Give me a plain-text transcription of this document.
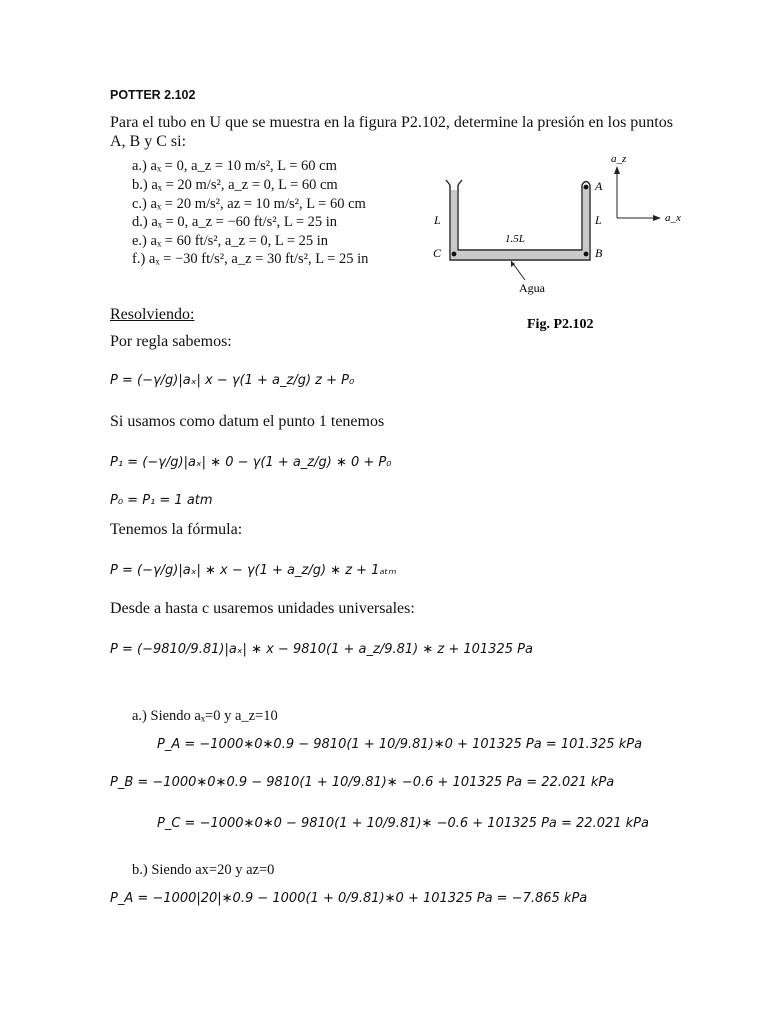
POTTER 2.102
Para el tubo en U que se muestra en la figura P2.102, determine la presión en los puntos
A, B y C si:
a.) aₓ = 0, a_z = 10 m/s², L = 60 cm
b.) aₓ = 20 m/s², a_z = 0, L = 60 cm
c.) aₓ = 20 m/s², az = 10 m/s², L = 60 cm
d.) aₓ = 0, a_z = −60 ft/s², L = 25 in
e.) aₓ = 60 ft/s², a_z = 0, L = 25 in
f.) aₓ = −30 ft/s², a_z = 30 ft/s², L = 25 in
A
B
C
L	L
1.5L
Agua
a_z
a_x
Fig. P2.102
Resolviendo:
Por regla sabemos:
P = (−γ/g)|aₓ| x − γ(1 + a_z/g) z + P₀
Si usamos como datum el punto 1 tenemos
P₁ = (−γ/g)|aₓ| ∗ 0 − γ(1 + a_z/g) ∗ 0 + P₀
P₀ = P₁ = 1 atm
Tenemos la fórmula:
P = (−γ/g)|aₓ| ∗ x − γ(1 + a_z/g) ∗ z + 1ₐₜₘ
Desde a hasta c usaremos unidades universales:
P = (−9810/9.81)|aₓ| ∗ x − 9810(1 + a_z/9.81) ∗ z + 101325 Pa
a.) Siendo aₓ=0 y a_z=10
P_A = −1000∗0∗0.9 − 9810(1 + 10/9.81)∗0 + 101325 Pa = 101.325 kPa
P_B = −1000∗0∗0.9 − 9810(1 + 10/9.81)∗ −0.6 + 101325 Pa = 22.021 kPa
P_C = −1000∗0∗0 − 9810(1 + 10/9.81)∗ −0.6 + 101325 Pa = 22.021 kPa
b.) Siendo ax=20 y az=0
P_A = −1000|20|∗0.9 − 1000(1 + 0/9.81)∗0 + 101325 Pa = −7.865 kPa
